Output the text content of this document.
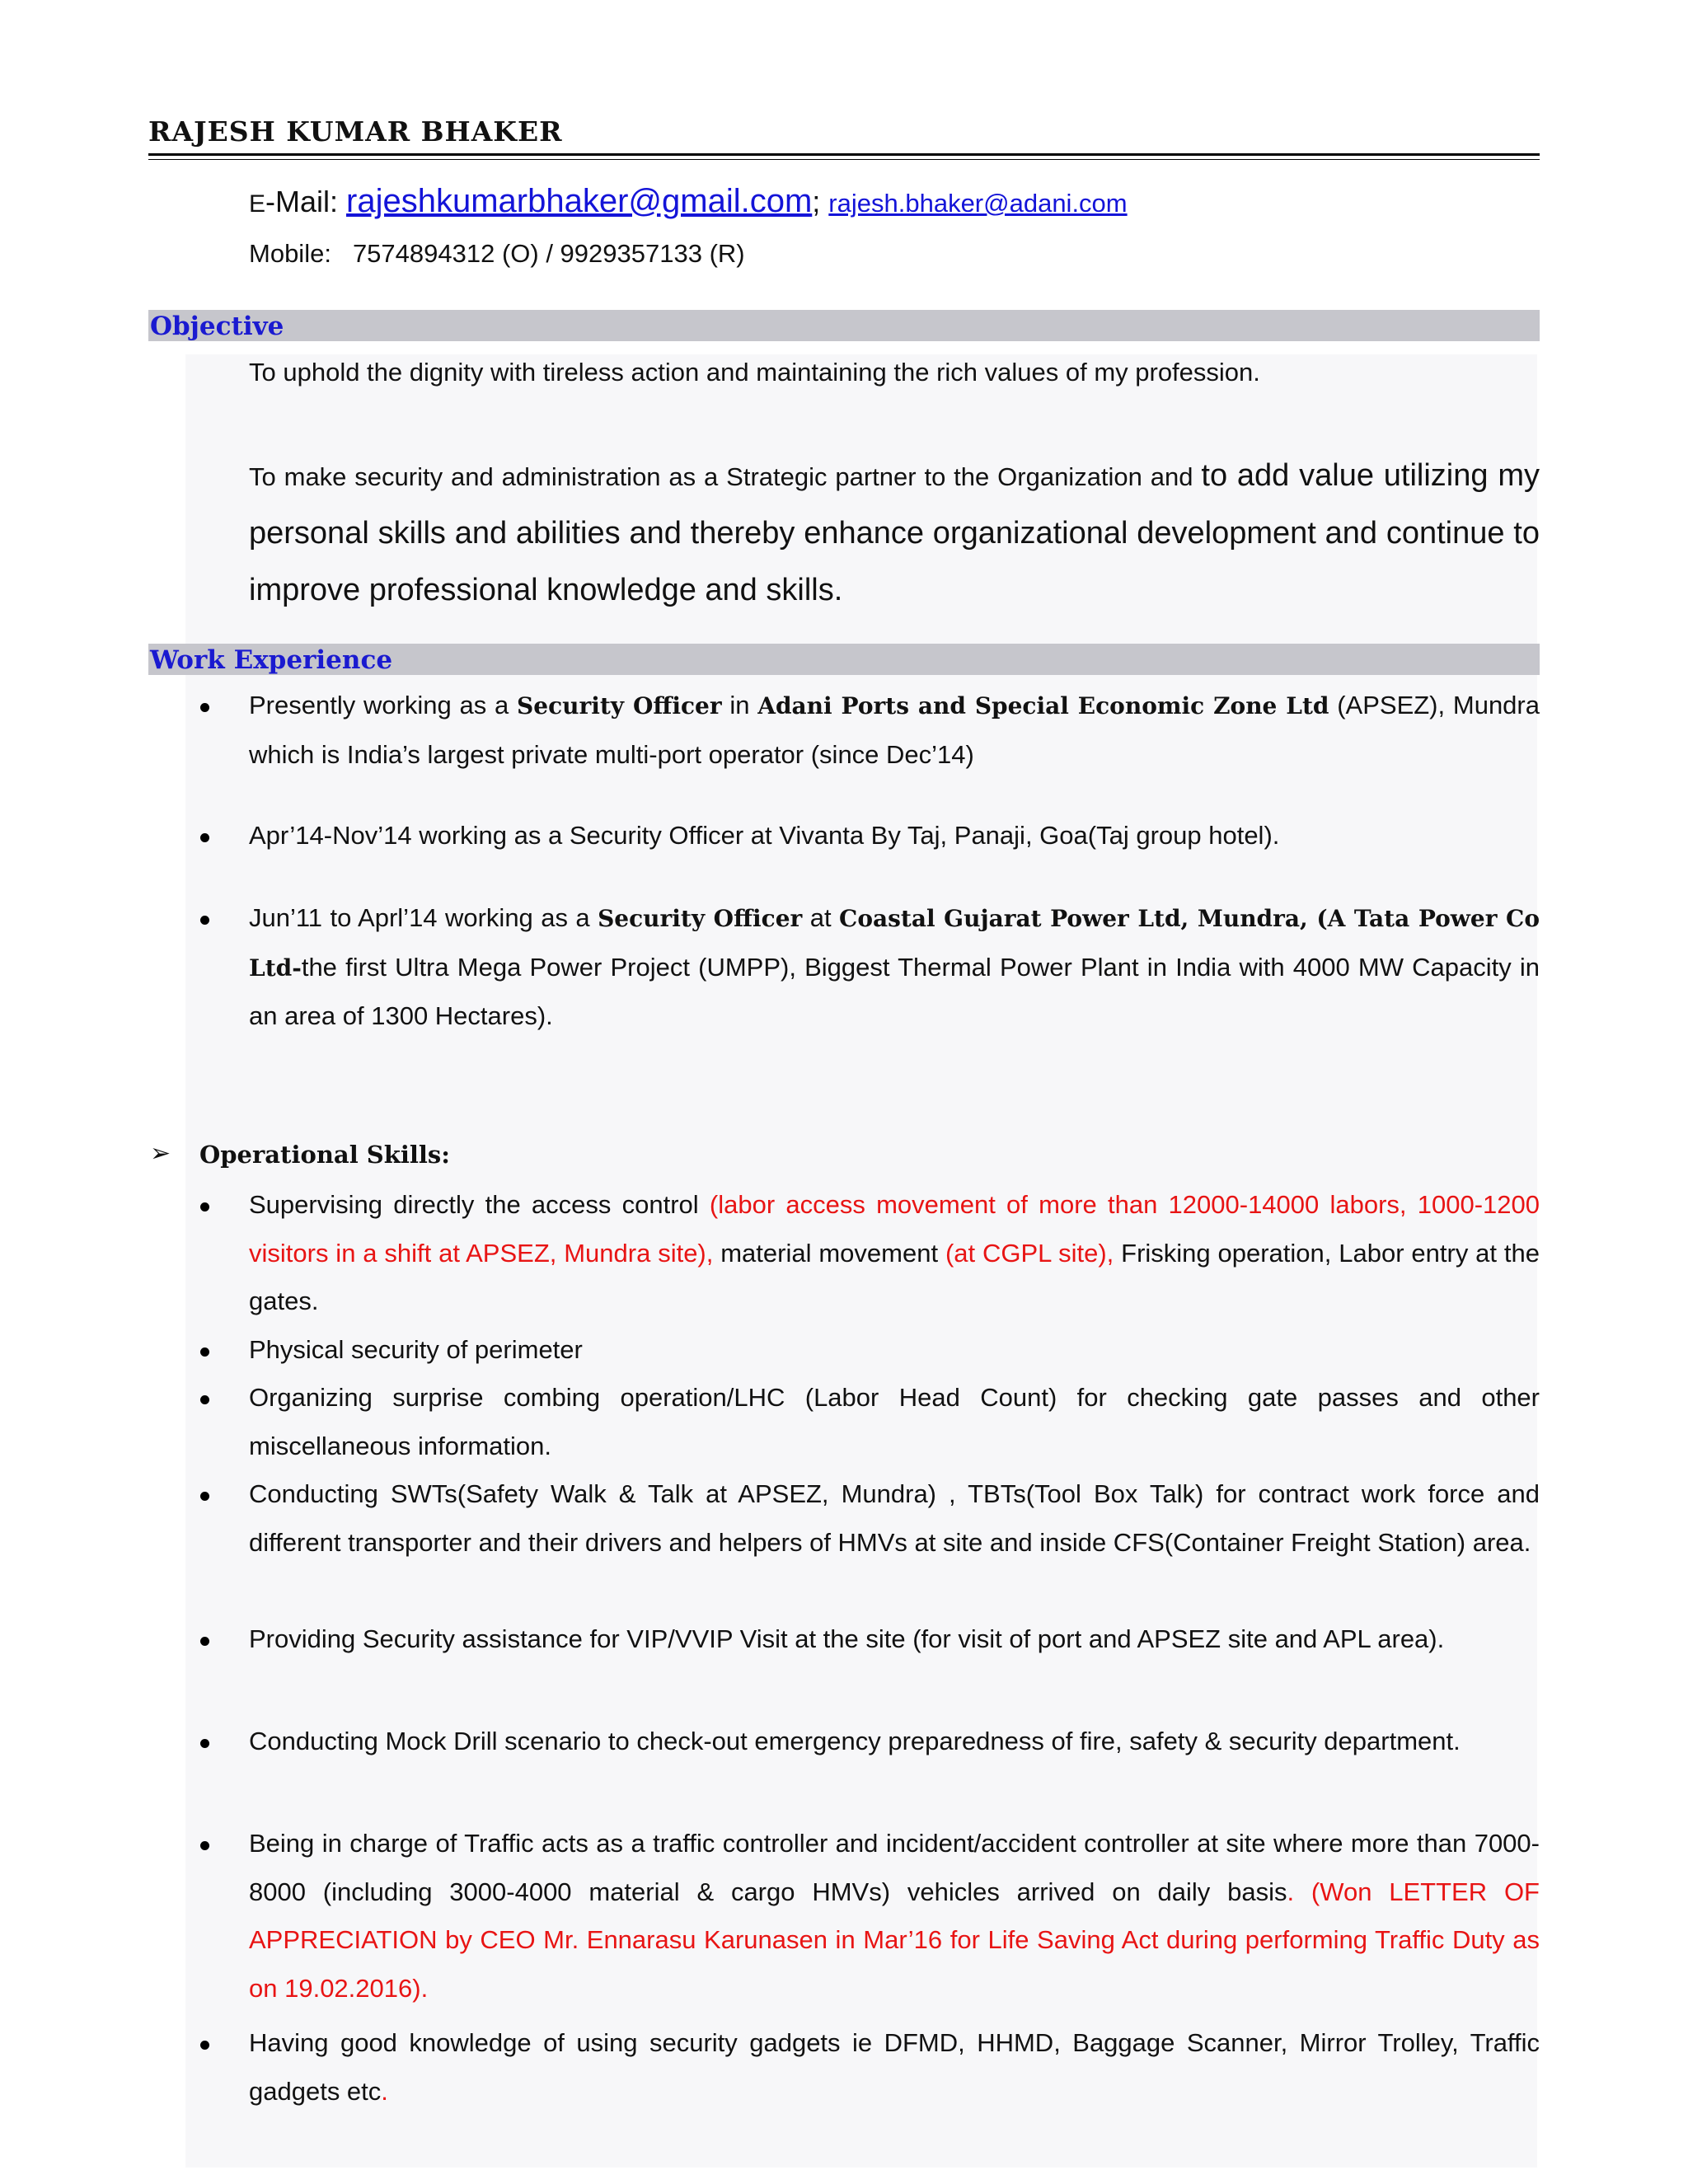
RAJESH KUMAR BHAKER
E-Mail: rajeshkumarbhaker@gmail.com; rajesh.bhaker@adani.com
Mobile: 7574894312 (O) / 9929357133 (R)
Objective
To uphold the dignity with tireless action and maintaining the rich values of my profession.
To make security and administration as a Strategic partner to the Organization and to add value utilizing my personal skills and abilities and thereby enhance organizational development and continue to improve professional knowledge and skills.
Work Experience
Presently working as a Security Officer in Adani Ports and Special Economic Zone Ltd (APSEZ), Mundra which is India’s largest private multi-port operator (since Dec’14)
Apr’14-Nov’14 working as a Security Officer at Vivanta By Taj, Panaji, Goa(Taj group hotel).
Jun’11 to Aprl’14 working as a Security Officer at Coastal Gujarat Power Ltd, Mundra, (A Tata Power Co Ltd-the first Ultra Mega Power Project (UMPP), Biggest Thermal Power Plant in India with 4000 MW Capacity in an area of 1300 Hectares).
➢ Operational Skills:
Supervising directly the access control (labor access movement of more than 12000-14000 labors, 1000-1200 visitors in a shift at APSEZ, Mundra site), material movement (at CGPL site), Frisking operation, Labor entry at the gates.
Physical security of perimeter
Organizing surprise combing operation/LHC (Labor Head Count) for checking gate passes and other miscellaneous information.
Conducting SWTs(Safety Walk & Talk at APSEZ, Mundra) , TBTs(Tool Box Talk) for contract work force and different transporter and their drivers and helpers of HMVs at site and inside CFS(Container Freight Station) area.
Providing Security assistance for VIP/VVIP Visit at the site (for visit of port and APSEZ site and APL area).
Conducting Mock Drill scenario to check-out emergency preparedness of fire, safety & security department.
Being in charge of Traffic acts as a traffic controller and incident/accident controller at site where more than 7000-8000 (including 3000-4000 material & cargo HMVs) vehicles arrived on daily basis. (Won LETTER OF APPRECIATION by CEO Mr. Ennarasu Karunasen in Mar’16 for Life Saving Act during performing Traffic Duty as on 19.02.2016).
Having good knowledge of using security gadgets ie DFMD, HHMD, Baggage Scanner, Mirror Trolley, Traffic gadgets etc.
